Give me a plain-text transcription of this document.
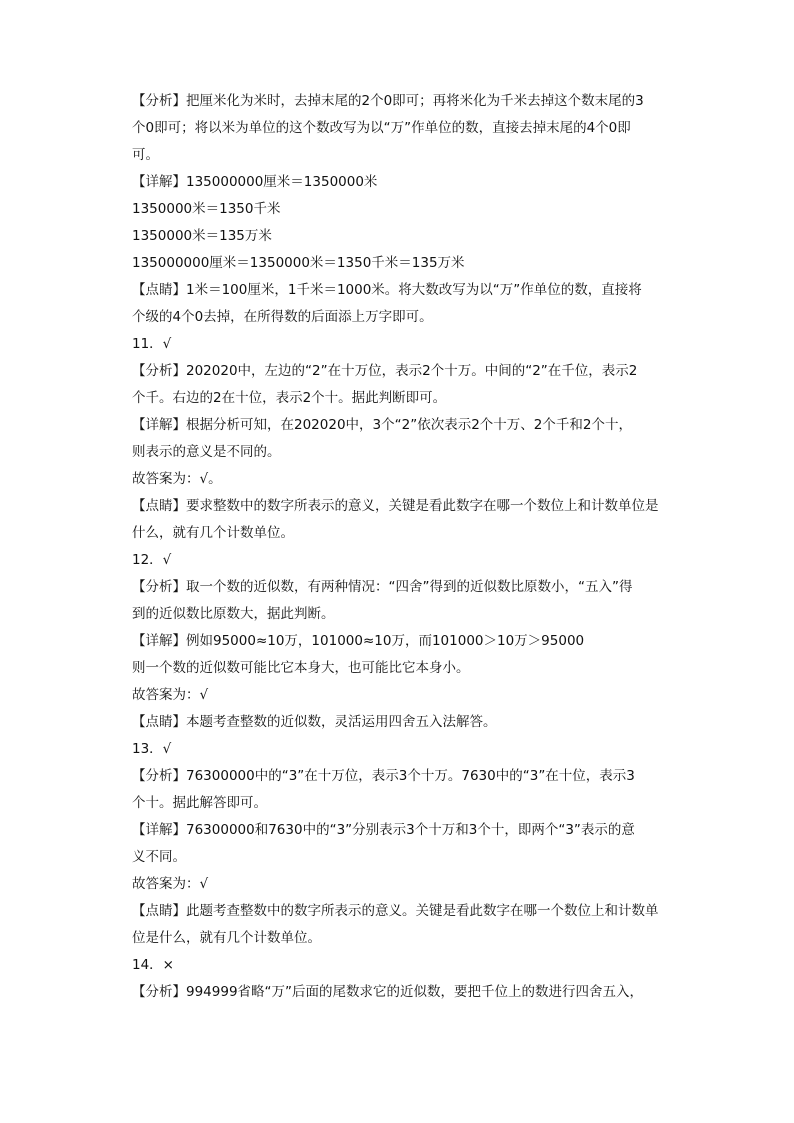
【分析】把厘米化为米时，去掉末尾的2个0即可；再将米化为千米去掉这个数末尾的3
个0即可；将以米为单位的这个数改写为以“万”作单位的数，直接去掉末尾的4个0即
可。
【详解】135000000厘米＝1350000米
1350000米＝1350千米
1350000米＝135万米
135000000厘米＝1350000米＝1350千米＝135万米
【点睛】1米＝100厘米，1千米＝1000米。将大数改写为以“万”作单位的数，直接将
个级的4个0去掉，在所得数的后面添上万字即可。
11．√
【分析】202020中，左边的“2”在十万位，表示2个十万。中间的“2”在千位，表示2
个千。右边的2在十位，表示2个十。据此判断即可。
【详解】根据分析可知，在202020中，3个“2”依次表示2个十万、2个千和2个十，
则表示的意义是不同的。
故答案为：√。
【点睛】要求整数中的数字所表示的意义，关键是看此数字在哪一个数位上和计数单位是
什么，就有几个计数单位。
12．√
【分析】取一个数的近似数，有两种情况：“四舍”得到的近似数比原数小，“五入”得
到的近似数比原数大，据此判断。
【详解】例如95000≈10万，101000≈10万，而101000＞10万＞95000
则一个数的近似数可能比它本身大，也可能比它本身小。
故答案为：√
【点睛】本题考查整数的近似数，灵活运用四舍五入法解答。
13．√
【分析】76300000中的“3”在十万位，表示3个十万。7630中的“3”在十位，表示3
个十。据此解答即可。
【详解】76300000和7630中的“3”分别表示3个十万和3个十，即两个“3”表示的意
义不同。
故答案为：√
【点睛】此题考查整数中的数字所表示的意义。关键是看此数字在哪一个数位上和计数单
位是什么，就有几个计数单位。
14．×
【分析】994999省略“万”后面的尾数求它的近似数，要把千位上的数进行四舍五入，
